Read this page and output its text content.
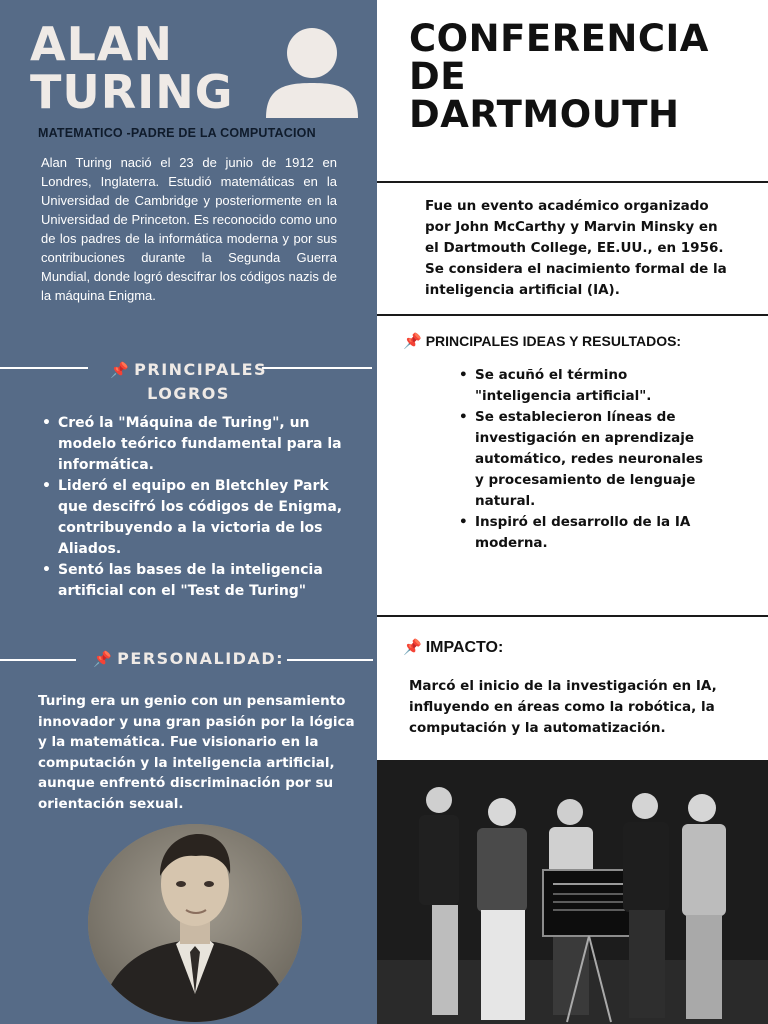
ALAN
TURING
MATEMATICO -PADRE DE LA COMPUTACION

Alan Turing nació el 23 de junio de 1912 en Londres, Inglaterra. Estudió matemáticas en la Universidad de Cambridge y posteriormente en la Universidad de Princeton. Es reconocido como uno de los padres de la informática moderna y por sus contribuciones durante la Segunda Guerra Mundial, donde logró descifrar los códigos nazis de la máquina Enigma.

📌 PRINCIPALES
LOGROS
• Creó la "Máquina de Turing", un modelo teórico fundamental para la informática.
• Lideró el equipo en Bletchley Park que descifró los códigos de Enigma, contribuyendo a la victoria de los Aliados.
• Sentó las bases de la inteligencia artificial con el "Test de Turing"
📌 PERSONALIDAD:

Turing era un genio con un pensamiento innovador y una gran pasión por la lógica y la matemática. Fue visionario en la computación y la inteligencia artificial, aunque enfrentó discriminación por su orientación sexual.

CONFERENCIA
DE
DARTMOUTH

Fue un evento académico organizado por John McCarthy y Marvin Minsky en el Dartmouth College, EE.UU., en 1956. Se considera el nacimiento formal de la inteligencia artificial (IA).

📌 PRINCIPALES IDEAS Y RESULTADOS:
• Se acuñó el término "inteligencia artificial".
• Se establecieron líneas de investigación en aprendizaje automático, redes neuronales y procesamiento de lenguaje natural.
• Inspiró el desarrollo de la IA moderna.
📌 IMPACTO:

Marcó el inicio de la investigación en IA, influyendo en áreas como la robótica, la computación y la automatización.
